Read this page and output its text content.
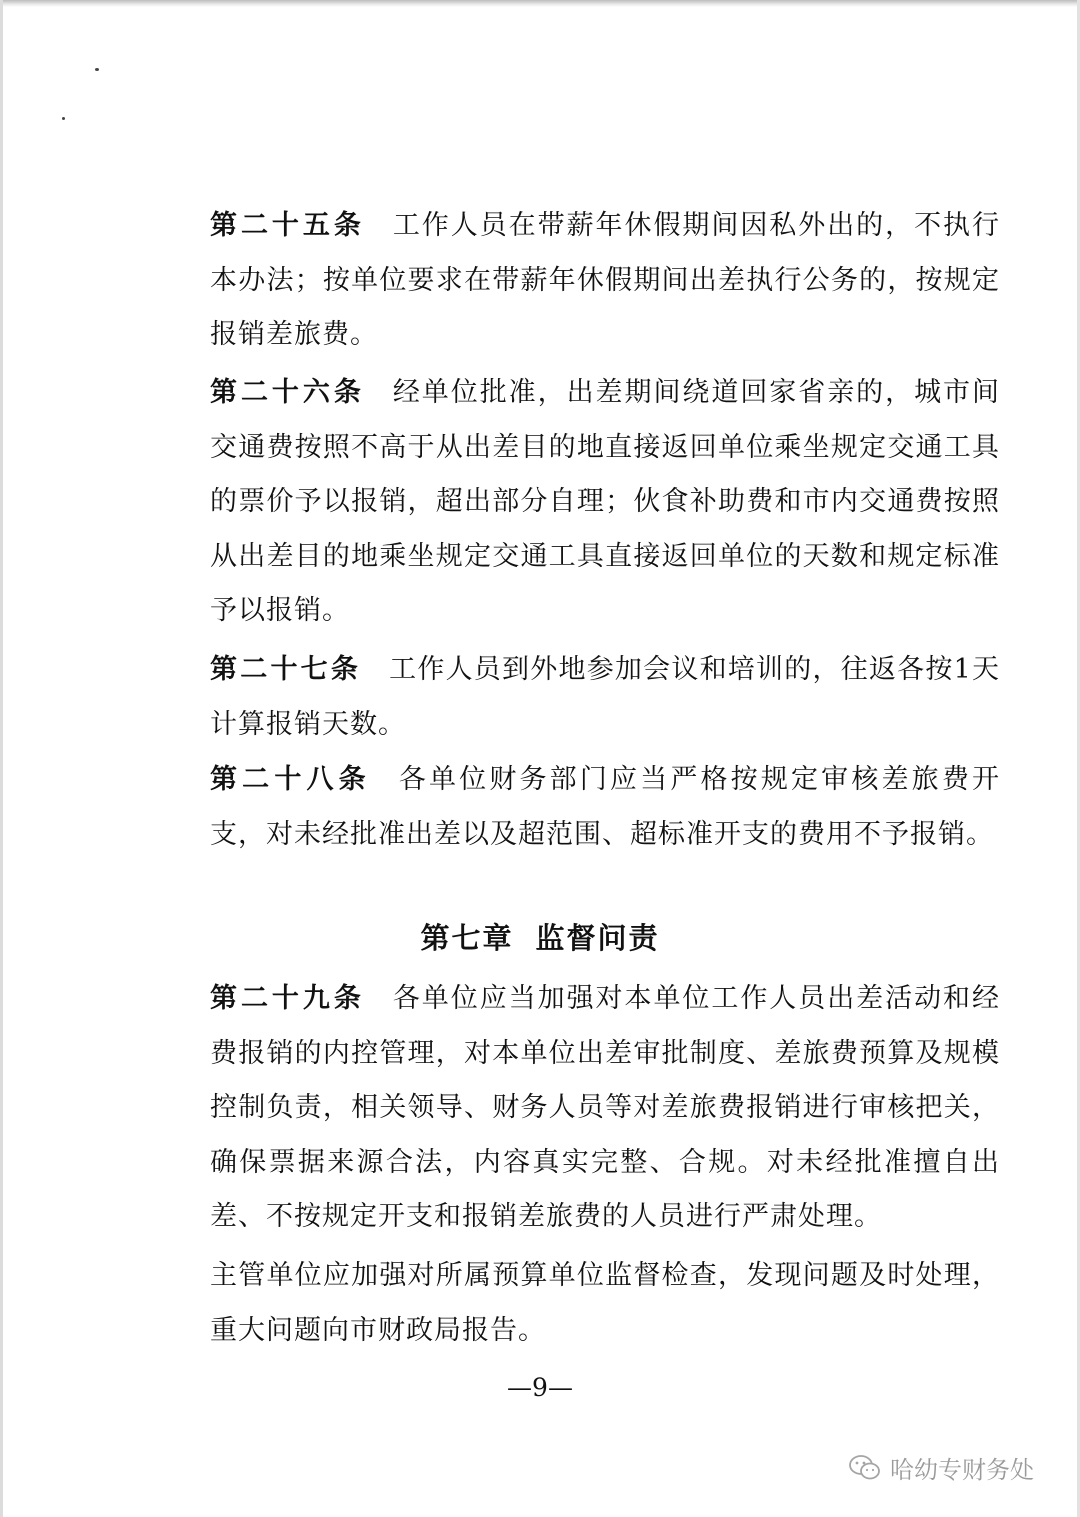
第二十五条 工作人员在带薪年休假期间因私外出的，不执行本办法；按单位要求在带薪年休假期间出差执行公务的，按规定报销差旅费。

第二十六条 经单位批准，出差期间绕道回家省亲的，城市间交通费按照不高于从出差目的地直接返回单位乘坐规定交通工具的票价予以报销，超出部分自理；伙食补助费和市内交通费按照从出差目的地乘坐规定交通工具直接返回单位的天数和规定标准予以报销。

第二十七条 工作人员到外地参加会议和培训的，往返各按1天计算报销天数。

第二十八条 各单位财务部门应当严格按规定审核差旅费开支，对未经批准出差以及超范围、超标准开支的费用不予报销。

第七章 监督问责

第二十九条 各单位应当加强对本单位工作人员出差活动和经费报销的内控管理，对本单位出差审批制度、差旅费预算及规模控制负责，相关领导、财务人员等对差旅费报销进行审核把关，确保票据来源合法，内容真实完整、合规。对未经批准擅自出差、不按规定开支和报销差旅费的人员进行严肃处理。

主管单位应加强对所属预算单位监督检查，发现问题及时处理，重大问题向市财政局报告。

—9—

哈幼专财务处
